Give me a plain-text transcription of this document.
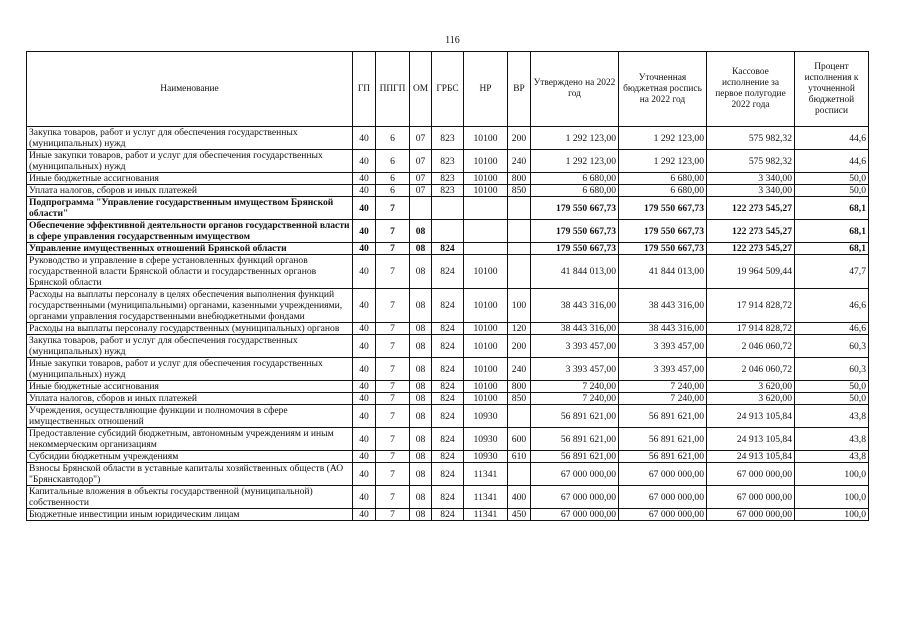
116
Наименование	ГП	ППГП	ОМ	ГРБС	НР	ВР	Утверждено на 2022 год	Уточненная бюджетная роспись на 2022 год	Кассовое исполнение за первое полугодие 2022 года	Процент исполнения к уточненной бюджетной росписи
Закупка товаров, работ и услуг для обеспечения государственных (муниципальных) нужд	40	6	07	823	10100	200	1 292 123,00	1 292 123,00	575 982,32	44,6
Иные закупки товаров, работ и услуг для обеспечения государственных (муниципальных) нужд	40	6	07	823	10100	240	1 292 123,00	1 292 123,00	575 982,32	44,6
Иные бюджетные ассигнования	40	6	07	823	10100	800	6 680,00	6 680,00	3 340,00	50,0
Уплата налогов, сборов и иных платежей	40	6	07	823	10100	850	6 680,00	6 680,00	3 340,00	50,0
Подпрограмма "Управление государственным имуществом Брянской области"	40	7					179 550 667,73	179 550 667,73	122 273 545,27	68,1
Обеспечение эффективной деятельности органов государственной власти в сфере управления государственным имуществом	40	7	08				179 550 667,73	179 550 667,73	122 273 545,27	68,1
Управление имущественных отношений Брянской области	40	7	08	824			179 550 667,73	179 550 667,73	122 273 545,27	68,1
Руководство и управление в сфере установленных функций органов государственной власти Брянской области и государственных органов Брянской области	40	7	08	824	10100		41 844 013,00	41 844 013,00	19 964 509,44	47,7
Расходы на выплаты персоналу в целях обеспечения выполнения функций государственными (муниципальными) органами, казенными учреждениями, органами управления государственными внебюджетными фондами	40	7	08	824	10100	100	38 443 316,00	38 443 316,00	17 914 828,72	46,6
Расходы на выплаты персоналу государственных (муниципальных) органов	40	7	08	824	10100	120	38 443 316,00	38 443 316,00	17 914 828,72	46,6
Закупка товаров, работ и услуг для обеспечения государственных (муниципальных) нужд	40	7	08	824	10100	200	3 393 457,00	3 393 457,00	2 046 060,72	60,3
Иные закупки товаров, работ и услуг для обеспечения государственных (муниципальных) нужд	40	7	08	824	10100	240	3 393 457,00	3 393 457,00	2 046 060,72	60,3
Иные бюджетные ассигнования	40	7	08	824	10100	800	7 240,00	7 240,00	3 620,00	50,0
Уплата налогов, сборов и иных платежей	40	7	08	824	10100	850	7 240,00	7 240,00	3 620,00	50,0
Учреждения, осуществляющие функции и полномочия в сфере имущественных отношений	40	7	08	824	10930		56 891 621,00	56 891 621,00	24 913 105,84	43,8
Предоставление субсидий бюджетным, автономным учреждениям и иным некоммерческим организациям	40	7	08	824	10930	600	56 891 621,00	56 891 621,00	24 913 105,84	43,8
Субсидии бюджетным учреждениям	40	7	08	824	10930	610	56 891 621,00	56 891 621,00	24 913 105,84	43,8
Взносы Брянской области в уставные капиталы хозяйственных обществ (АО "Брянскавтодор")	40	7	08	824	11341		67 000 000,00	67 000 000,00	67 000 000,00	100,0
Капитальные вложения в объекты государственной (муниципальной) собственности	40	7	08	824	11341	400	67 000 000,00	67 000 000,00	67 000 000,00	100,0
Бюджетные инвестиции иным юридическим лицам	40	7	08	824	11341	450	67 000 000,00	67 000 000,00	67 000 000,00	100,0
